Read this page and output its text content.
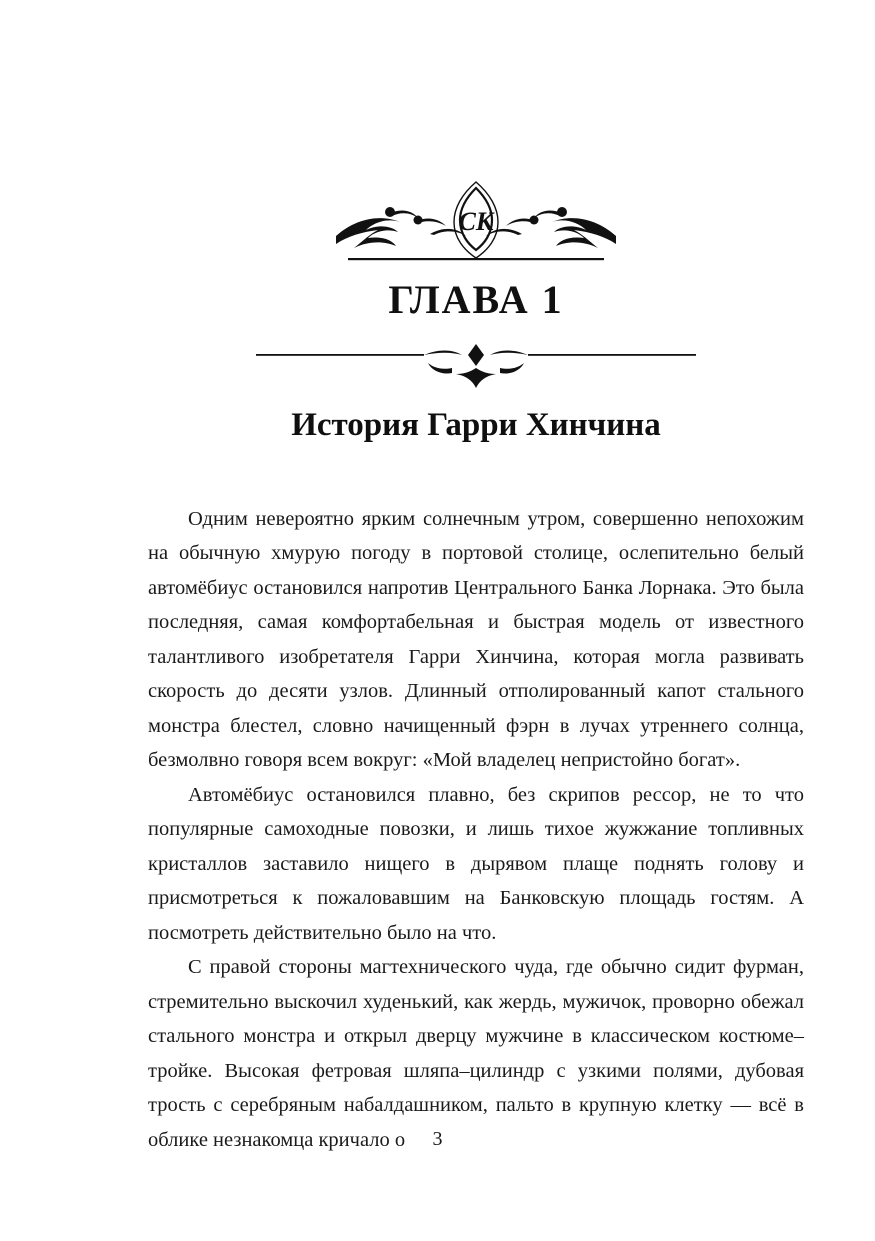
СК
ГЛАВА 1
История Гарри Хинчина

Одним невероятно ярким солнечным утром, совершенно непохожим на обычную хмурую погоду в портовой столице, ослепительно белый автомёбиус остановился напротив Центрального Банка Лорнака. Это была последняя, самая комфортабельная и быстрая модель от известного талантливого изобретателя Гарри Хинчина, которая могла развивать скорость до десяти узлов. Длинный отполированный капот стального монстра блестел, словно начищенный фэрн в лучах утреннего солнца, безмолвно говоря всем вокруг: «Мой владелец непристойно богат».

Автомёбиус остановился плавно, без скрипов рессор, не то что популярные самоходные повозки, и лишь тихое жужжание топливных кристаллов заставило нищего в дырявом плаще поднять голову и присмотреться к пожаловавшим на Банковскую площадь гостям. А посмотреть действительно было на что.

С правой стороны магтехнического чуда, где обычно сидит фурман, стремительно выскочил худенький, как жердь, мужичок, проворно обежал стального монстра и открыл дверцу мужчине в классическом костюме–тройке. Высокая фетровая шляпа–цилиндр с узкими полями, дубовая трость с серебряным набалдашником, пальто в крупную клетку — всё в облике незнакомца кричало о	3
